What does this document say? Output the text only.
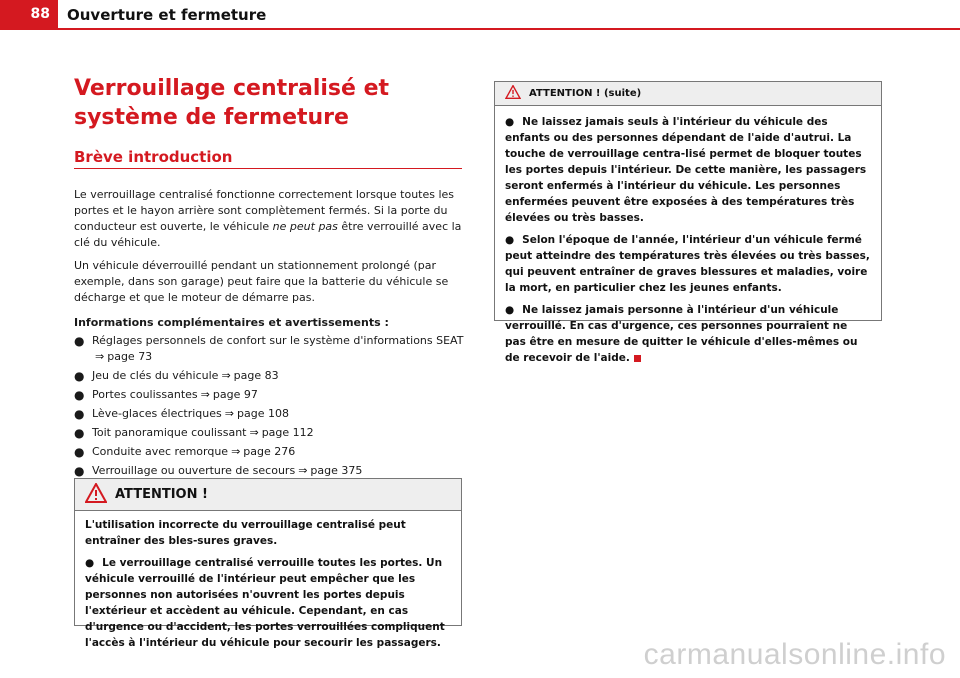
88	Ouverture et fermeture
Verrouillage centralisé et système de fermeture
Brève introduction

Le verrouillage centralisé fonctionne correctement lorsque toutes les portes et le hayon arrière sont complètement fermés. Si la porte du conducteur est ouverte, le véhicule ne peut pas être verrouillé avec la clé du véhicule.

Un véhicule déverrouillé pendant un stationnement prolongé (par exemple, dans son garage) peut faire que la batterie du véhicule se décharge et que le moteur de démarre pas.

Informations complémentaires et avertissements :
● Réglages personnels de confort sur le système d'informations SEAT
⇒ page 73
● Jeu de clés du véhicule ⇒ page 83
● Portes coulissantes ⇒ page 97
● Lève-glaces électriques ⇒ page 108
● Toit panoramique coulissant ⇒ page 112
● Conduite avec remorque ⇒ page 276
● Verrouillage ou ouverture de secours ⇒ page 375
ATTENTION !

L'utilisation incorrecte du verrouillage centralisé peut entraîner des bles-sures graves.

● Le verrouillage centralisé verrouille toutes les portes. Un véhicule verrouillé de l'intérieur peut empêcher que les personnes non autorisées n'ouvrent les portes depuis l'extérieur et accèdent au véhicule. Cependant, en cas d'urgence ou d'accident, les portes verrouillées compliquent l'accès à l'intérieur du véhicule pour secourir les passagers.

ATTENTION ! (suite)

● Ne laissez jamais seuls à l'intérieur du véhicule des enfants ou des personnes dépendant de l'aide d'autrui. La touche de verrouillage centra-lisé permet de bloquer toutes les portes depuis l'intérieur. De cette manière, les passagers seront enfermés à l'intérieur du véhicule. Les personnes enfermées peuvent être exposées à des températures très élevées ou très basses.

● Selon l'époque de l'année, l'intérieur d'un véhicule fermé peut atteindre des températures très élevées ou très basses, qui peuvent entraîner de graves blessures et maladies, voire la mort, en particulier chez les jeunes enfants.

● Ne laissez jamais personne à l'intérieur d'un véhicule verrouillé. En cas d'urgence, ces personnes pourraient ne pas être en mesure de quitter le véhicule d'elles-mêmes ou de recevoir de l'aide.

carmanualsonline.info
